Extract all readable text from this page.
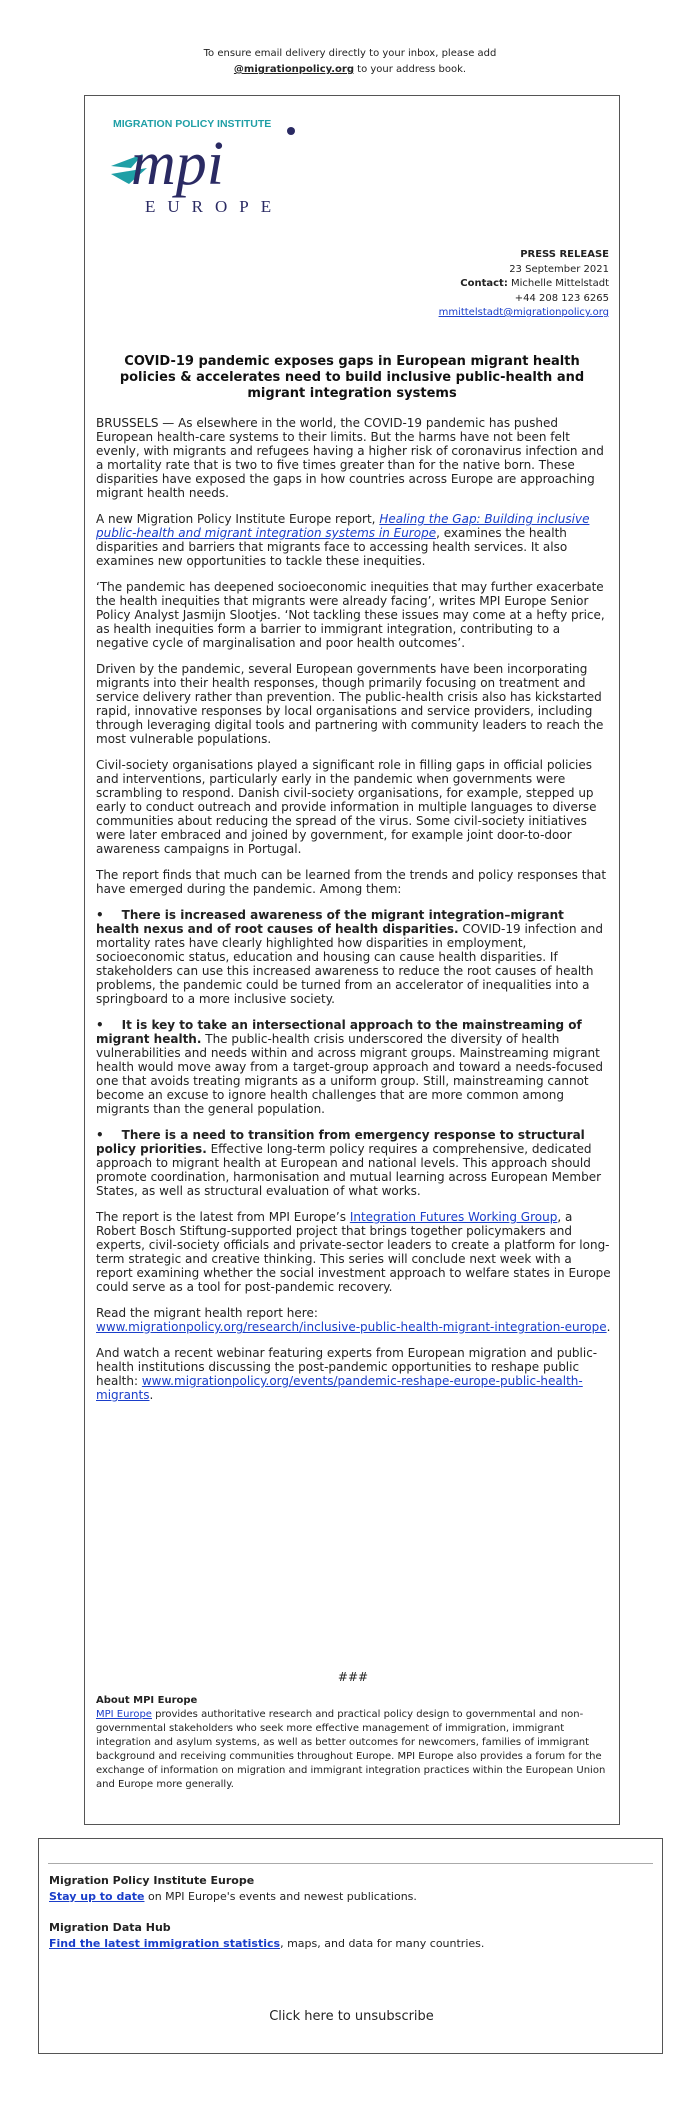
To ensure email delivery directly to your inbox, please add
@migrationpolicy.org to your address book.
MIGRATION POLICY INSTITUTE
mpi
EUROPE
PRESS RELEASE
23 September 2021
Contact: Michelle Mittelstadt
+44 208 123 6265
mmittelstadt@migrationpolicy.org
COVID-19 pandemic exposes gaps in European migrant health policies & accelerates need to build inclusive public-health and migrant integration systems

BRUSSELS — As elsewhere in the world, the COVID-19 pandemic has pushed European health-care systems to their limits. But the harms have not been felt evenly, with migrants and refugees having a higher risk of coronavirus infection and a mortality rate that is two to five times greater than for the native born. These disparities have exposed the gaps in how countries across Europe are approaching migrant health needs.

A new Migration Policy Institute Europe report, Healing the Gap: Building inclusive public-health and migrant integration systems in Europe, examines the health disparities and barriers that migrants face to accessing health services. It also examines new opportunities to tackle these inequities.

‘The pandemic has deepened socioeconomic inequities that may further exacerbate the health inequities that migrants were already facing’, writes MPI Europe Senior Policy Analyst Jasmijn Slootjes. ‘Not tackling these issues may come at a hefty price, as health inequities form a barrier to immigrant integration, contributing to a negative cycle of marginalisation and poor health outcomes’.

Driven by the pandemic, several European governments have been incorporating migrants into their health responses, though primarily focusing on treatment and service delivery rather than prevention. The public-health crisis also has kickstarted rapid, innovative responses by local organisations and service providers, including through leveraging digital tools and partnering with community leaders to reach the most vulnerable populations.

Civil-society organisations played a significant role in filling gaps in official policies and interventions, particularly early in the pandemic when governments were scrambling to respond. Danish civil-society organisations, for example, stepped up early to conduct outreach and provide information in multiple languages to diverse communities about reducing the spread of the virus. Some civil-society initiatives were later embraced and joined by government, for example joint door-to-door awareness campaigns in Portugal.

The report finds that much can be learned from the trends and policy responses that have emerged during the pandemic. Among them:

• There is increased awareness of the migrant integration–migrant health nexus and of root causes of health disparities. COVID-19 infection and mortality rates have clearly highlighted how disparities in employment, socioeconomic status, education and housing can cause health disparities. If stakeholders can use this increased awareness to reduce the root causes of health problems, the pandemic could be turned from an accelerator of inequalities into a springboard to a more inclusive society.

• It is key to take an intersectional approach to the mainstreaming of migrant health. The public-health crisis underscored the diversity of health vulnerabilities and needs within and across migrant groups. Mainstreaming migrant health would move away from a target-group approach and toward a needs-focused one that avoids treating migrants as a uniform group. Still, mainstreaming cannot become an excuse to ignore health challenges that are more common among migrants than the general population.

• There is a need to transition from emergency response to structural policy priorities. Effective long-term policy requires a comprehensive, dedicated approach to migrant health at European and national levels. This approach should promote coordination, harmonisation and mutual learning across European Member States, as well as structural evaluation of what works.

The report is the latest from MPI Europe’s Integration Futures Working Group, a Robert Bosch Stiftung-supported project that brings together policymakers and experts, civil-society officials and private-sector leaders to create a platform for long-term strategic and creative thinking. This series will conclude next week with a report examining whether the social investment approach to welfare states in Europe could serve as a tool for post-pandemic recovery.

Read the migrant health report here:
www.migrationpolicy.org/research/inclusive-public-health-migrant-integration-europe.

And watch a recent webinar featuring experts from European migration and public-health institutions discussing the post-pandemic opportunities to reshape public health: www.migrationpolicy.org/events/pandemic-reshape-europe-public-health-migrants.

###
About MPI Europe
MPI Europe provides authoritative research and practical policy design to governmental and non-governmental stakeholders who seek more effective management of immigration, immigrant integration and asylum systems, as well as better outcomes for newcomers, families of immigrant background and receiving communities throughout Europe. MPI Europe also provides a forum for the exchange of information on migration and immigrant integration practices within the European Union and Europe more generally.
Migration Policy Institute Europe
Stay up to date on MPI Europe's events and newest publications.
Migration Data Hub
Find the latest immigration statistics, maps, and data for many countries.
Click here to unsubscribe
